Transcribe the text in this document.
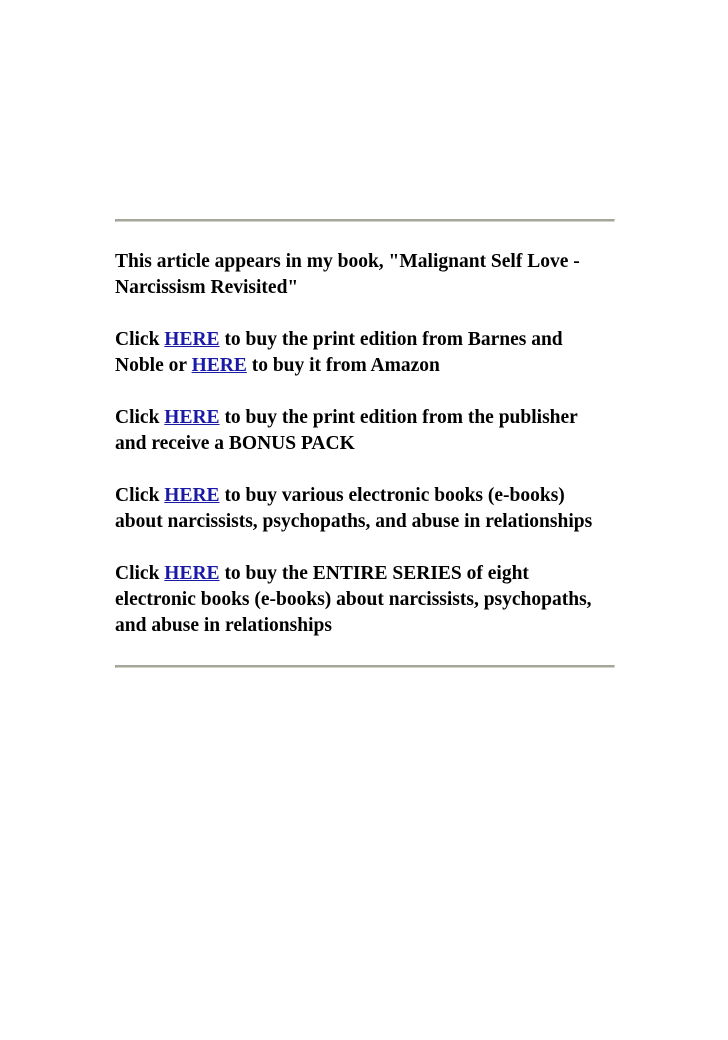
This article appears in my book, "Malignant Self Love - Narcissism Revisited"

Click HERE to buy the print edition from Barnes and Noble or HERE to buy it from Amazon

Click HERE to buy the print edition from the publisher and receive a BONUS PACK

Click HERE to buy various electronic books (e-books) about narcissists, psychopaths, and abuse in relationships

Click HERE to buy the ENTIRE SERIES of eight electronic books (e-books) about narcissists, psychopaths, and abuse in relationships
